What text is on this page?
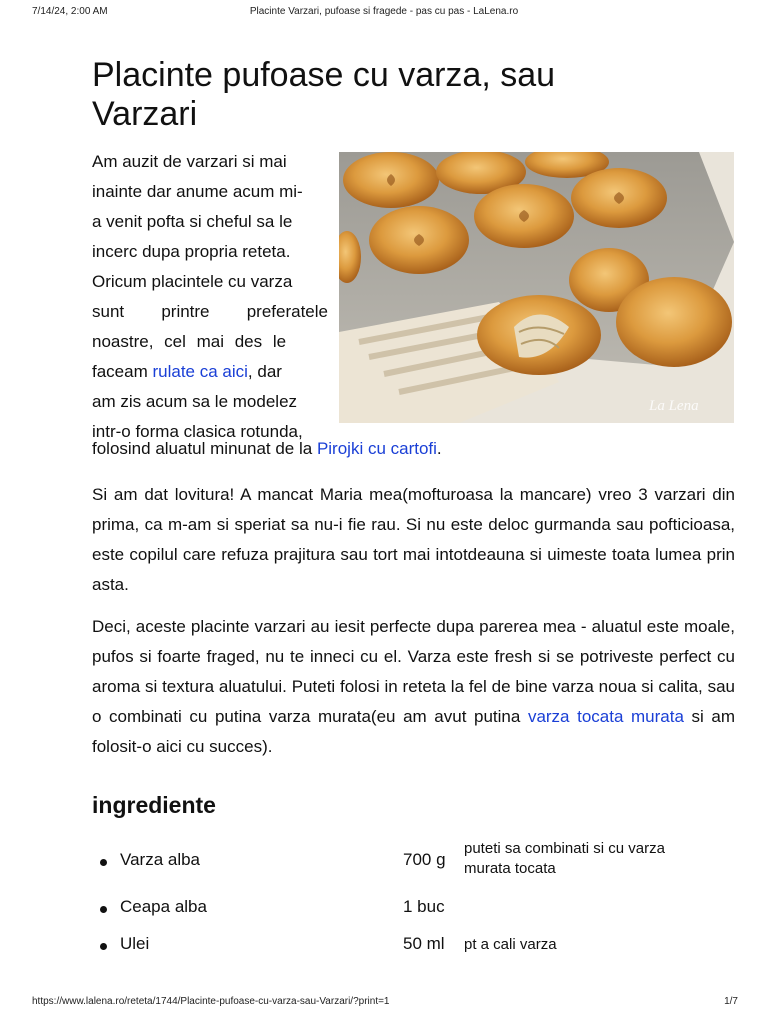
7/14/24, 2:00 AM	Placinte Varzari, pufoase si fragede - pas cu pas - LaLena.ro
Placinte pufoase cu varza, sau
Varzari
Am auzit de varzari si mai
inainte dar anume acum mi-
a venit pofta si cheful sa le
incerc dupa propria reteta.
Oricum placintele cu varza
sunt printre preferatele
noastre, cel mai des le
faceam rulate ca aici, dar
am zis acum sa le modelez
intr-o forma clasica rotunda,
folosind aluatul minunat de la Pirojki cu cartofi.
La Lena

Si am dat lovitura! A mancat Maria mea(mofturoasa la mancare) vreo 3 varzari din prima, ca m-am si speriat sa nu-i fie rau. Si nu este deloc gurmanda sau pofticioasa, este copilul care refuza prajitura sau tort mai intotdeauna si uimeste toata lumea prin asta.

Deci, aceste placinte varzari au iesit perfecte dupa parerea mea - aluatul este moale, pufos si foarte fraged, nu te inneci cu el. Varza este fresh si se potriveste perfect cu aroma si textura aluatului. Puteti folosi in reteta la fel de bine varza noua si calita, sau o combinati cu putina varza murata(eu am avut putina varza tocata murata si am folosit-o aici cu succes).

ingrediente
Varza alba	700 g
puteti sa combinati si cu varza
murata tocata
Ceapa alba	1 buc
Ulei	50 ml pt a cali varza
https://www.lalena.ro/reteta/1744/Placinte-pufoase-cu-varza-sau-Varzari/?print=1	1/7
